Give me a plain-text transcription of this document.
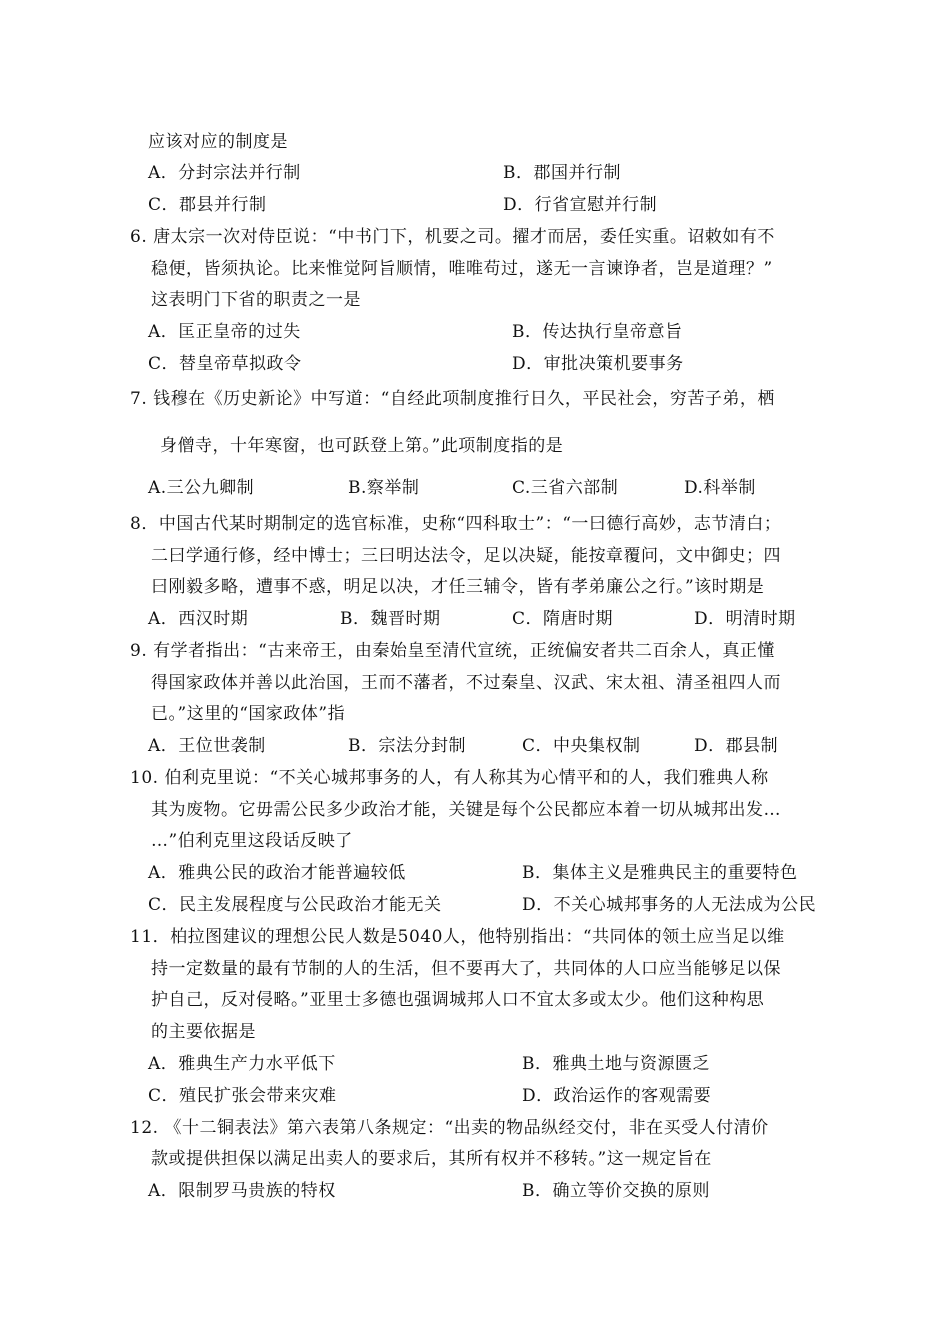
应该对应的制度是
A．分封宗法并行制	B．郡国并行制
C．郡县并行制	D．行省宣慰并行制
6. 唐太宗一次对侍臣说：“中书门下，机要之司。擢才而居，委任实重。诏敕如有不
稳便，皆须执论。比来惟觉阿旨顺情，唯唯苟过，遂无一言谏诤者，岂是道理？”
这表明门下省的职责之一是
A．匡正皇帝的过失	B．传达执行皇帝意旨
C．替皇帝草拟政令	D．审批决策机要事务
7. 钱穆在《历史新论》中写道：“自经此项制度推行日久，平民社会，穷苦子弟，栖
身僧寺，十年寒窗，也可跃登上第。”此项制度指的是
A.三公九卿制	B.察举制	C.三省六部制	D.科举制
8．中国古代某时期制定的选官标准，史称“四科取士”：“一曰德行高妙，志节清白；
二曰学通行修，经中博士；三曰明达法令，足以决疑，能按章覆问，文中御史；四
曰刚毅多略，遭事不惑，明足以决，才任三辅令，皆有孝弟廉公之行。”该时期是
A．西汉时期	B．魏晋时期	C．隋唐时期	D．明清时期
9. 有学者指出：“古来帝王，由秦始皇至清代宣统，正统偏安者共二百余人，真正懂
得国家政体并善以此治国，王而不藩者，不过秦皇、汉武、宋太祖、清圣祖四人而
已。”这里的“国家政体”指
A．王位世袭制	B．宗法分封制	C．中央集权制	D．郡县制
10. 伯利克里说：“不关心城邦事务的人，有人称其为心情平和的人，我们雅典人称
其为废物。它毋需公民多少政治才能，关键是每个公民都应本着一切从城邦出发…
…”伯利克里这段话反映了
A．雅典公民的政治才能普遍较低	B．集体主义是雅典民主的重要特色
C．民主发展程度与公民政治才能无关	D．不关心城邦事务的人无法成为公民
11．柏拉图建议的理想公民人数是5040人，他特别指出：“共同体的领土应当足以维
持一定数量的最有节制的人的生活，但不要再大了，共同体的人口应当能够足以保
护自己，反对侵略。”亚里士多德也强调城邦人口不宜太多或太少。他们这种构思
的主要依据是
A．雅典生产力水平低下	B．雅典土地与资源匮乏
C．殖民扩张会带来灾难	D．政治运作的客观需要
12. 《十二铜表法》第六表第八条规定：“出卖的物品纵经交付，非在买受人付清价
款或提供担保以满足出卖人的要求后，其所有权并不移转。”这一规定旨在
A．限制罗马贵族的特权	B．确立等价交换的原则
